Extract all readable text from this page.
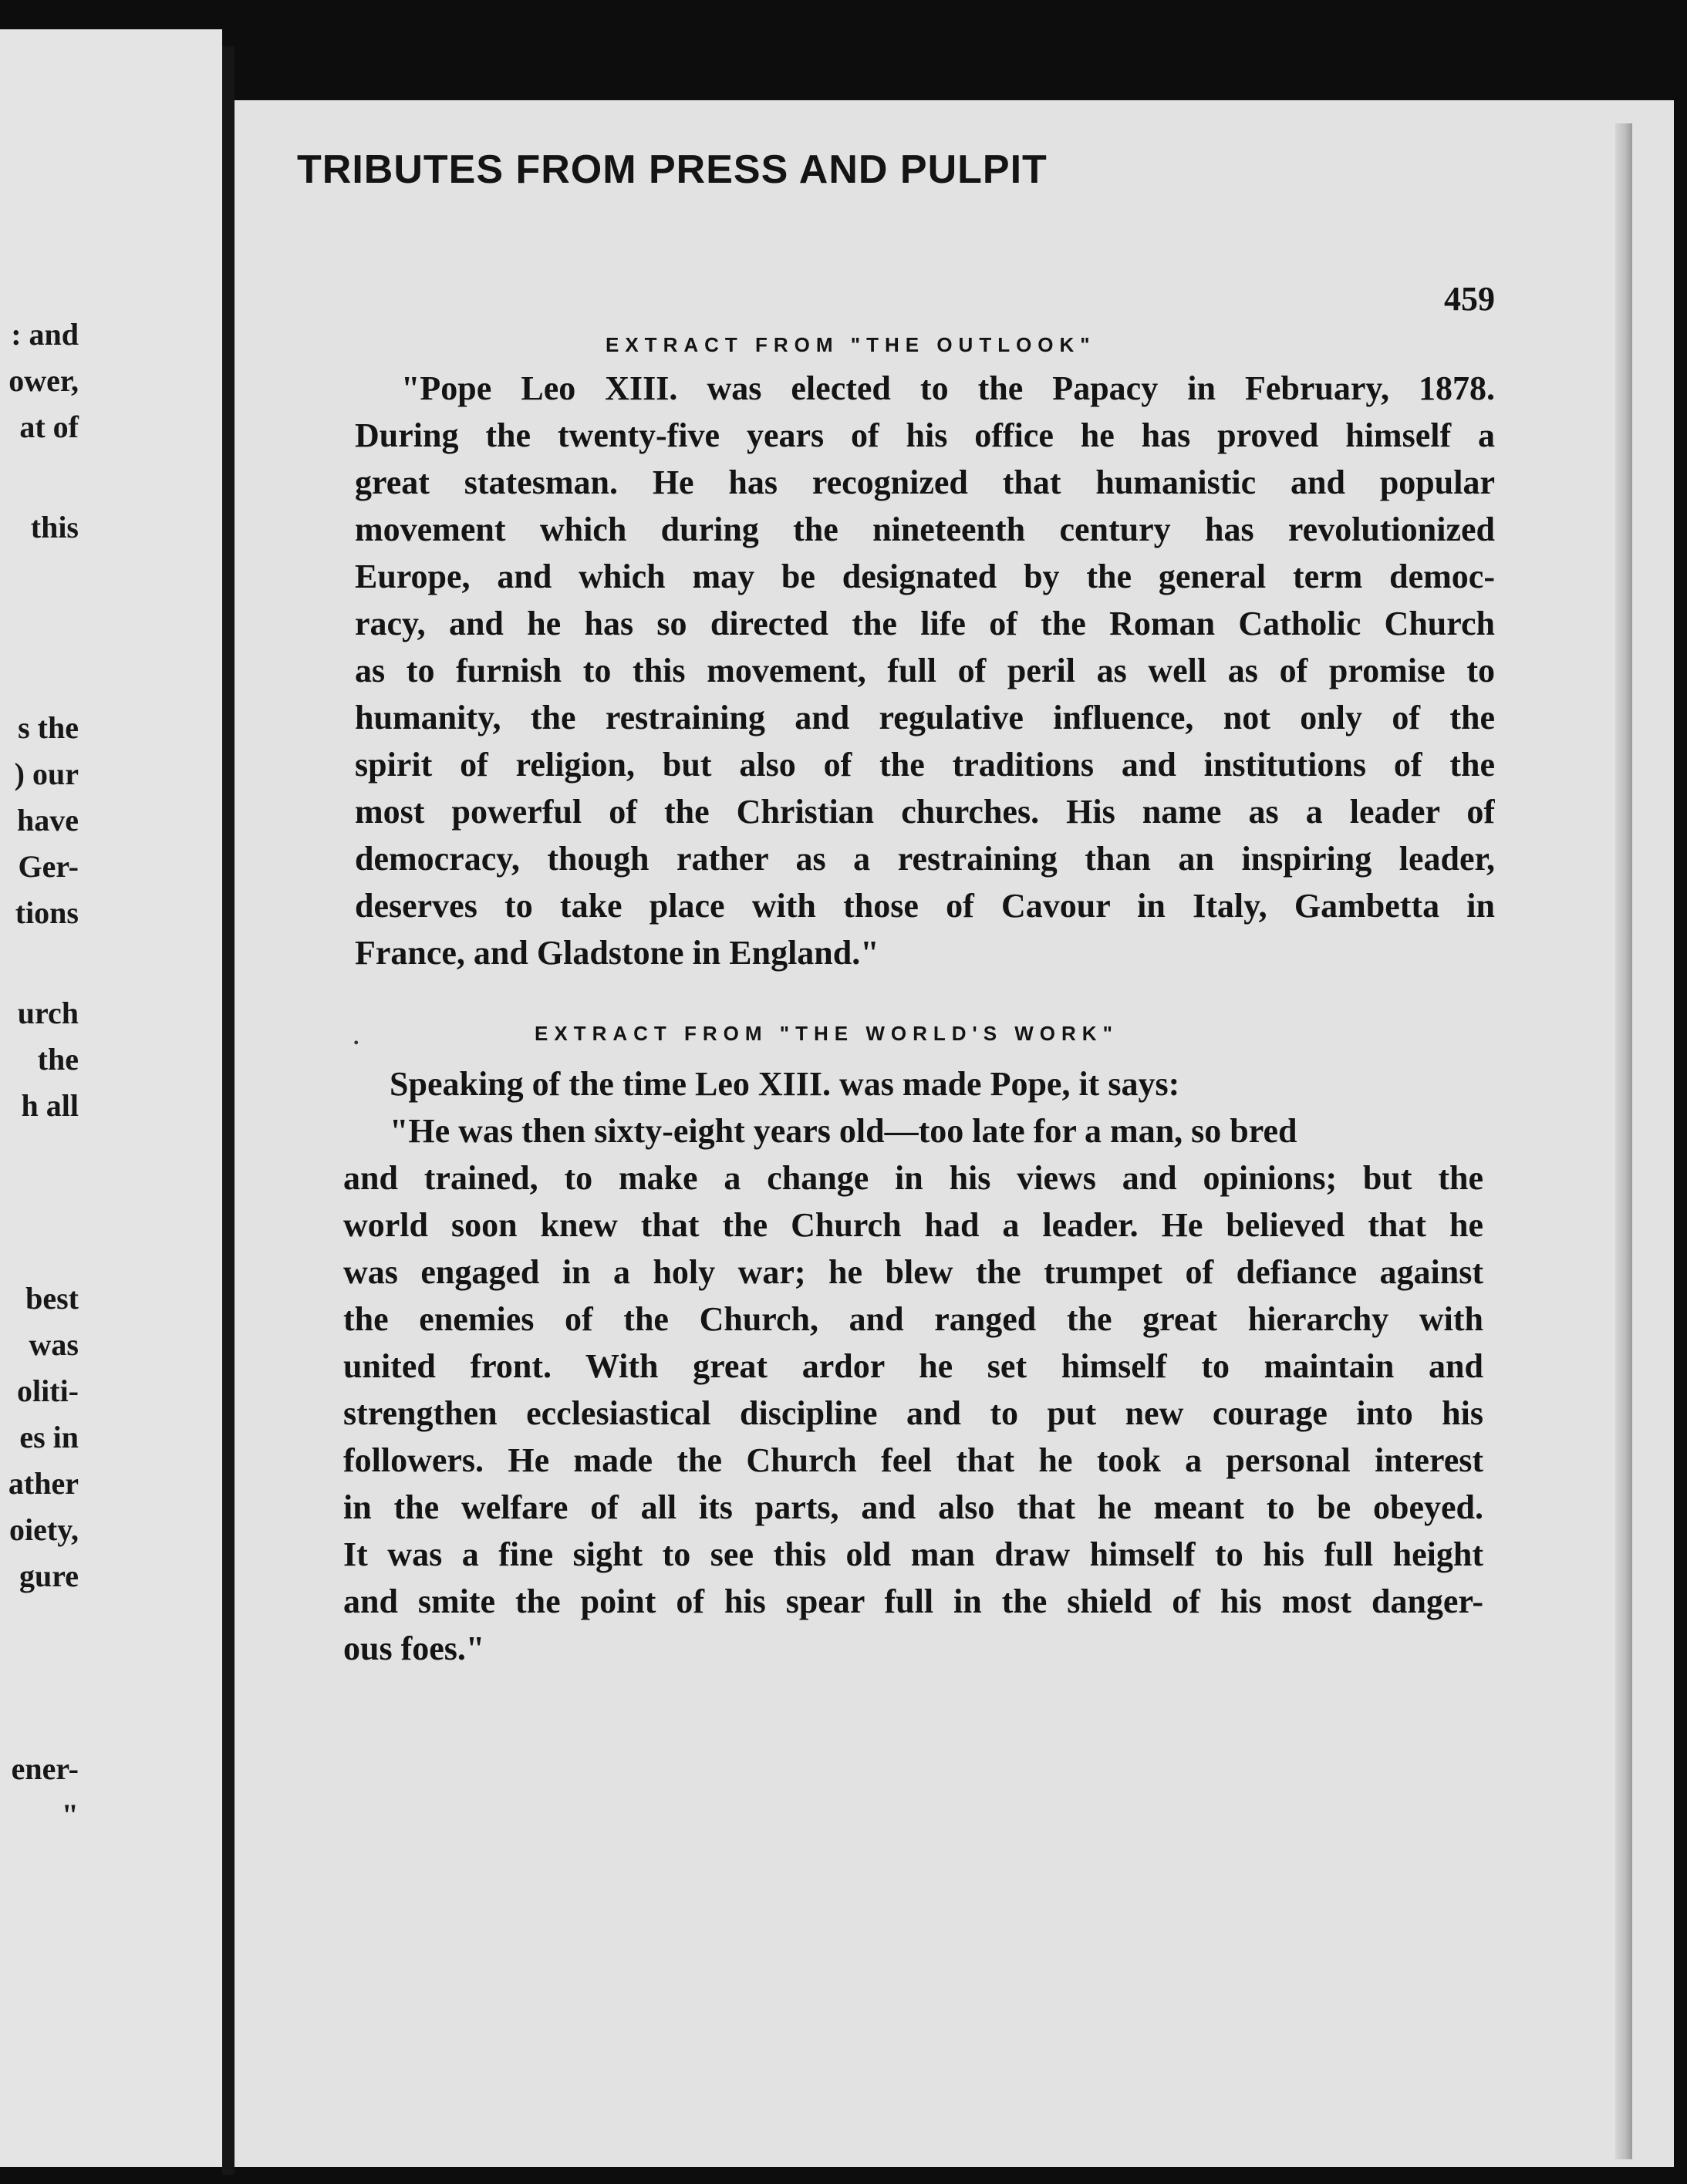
: and
ower,
at of
this
s the
) our
have
Ger-
tions
urch
the
h all
best
was
oliti-
es in
ather
oiety,
gure
ener-
"
TRIBUTES FROM PRESS AND PULPIT
459
EXTRACT FROM "THE OUTLOOK"
"Pope Leo XIII. was elected to the Papacy in February, 1878.
During the twenty-five years of his office he has proved himself a
great statesman. He has recognized that humanistic and popular
movement which during the nineteenth century has revolutionized
Europe, and which may be designated by the general term democ-
racy, and he has so directed the life of the Roman Catholic Church
as to furnish to this movement, full of peril as well as of promise to
humanity, the restraining and regulative influence, not only of the
spirit of religion, but also of the traditions and institutions of the
most powerful of the Christian churches. His name as a leader of
democracy, though rather as a restraining than an inspiring leader,
deserves to take place with those of Cavour in Italy, Gambetta in
France, and Gladstone in England."
.	EXTRACT FROM "THE WORLD'S WORK"
Speaking of the time Leo XIII. was made Pope, it says:
"He was then sixty-eight years old—too late for a man, so bred
and trained, to make a change in his views and opinions; but the
world soon knew that the Church had a leader. He believed that he
was engaged in a holy war; he blew the trumpet of defiance against
the enemies of the Church, and ranged the great hierarchy with
united front. With great ardor he set himself to maintain and
strengthen ecclesiastical discipline and to put new courage into his
followers. He made the Church feel that he took a personal interest
in the welfare of all its parts, and also that he meant to be obeyed.
It was a fine sight to see this old man draw himself to his full height
and smite the point of his spear full in the shield of his most danger-
ous foes."
